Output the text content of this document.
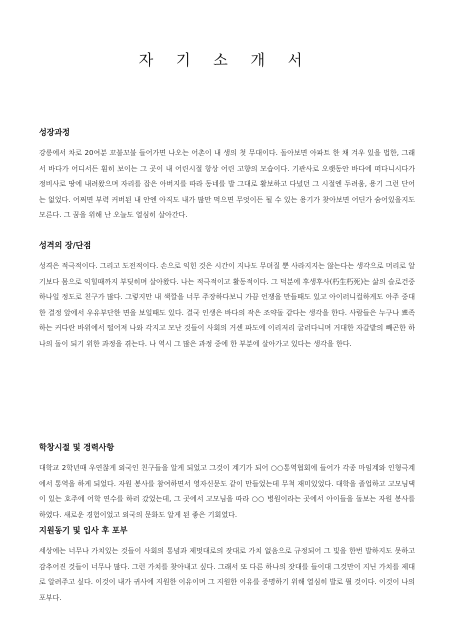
자 기 소 개 서

성장과정

강릉에서 차로 20여분 꼬불꼬불 들어가면 나오는 어촌이 내 생의 첫 무대이다. 돌아보면 아파트 한 채 겨우 있을 법한, 그래서 바다가 어디서든 훤히 보이는 그 곳이 내 어린시절 항상 어린 고향의 모습이다. 기관사로 오랫동안 바다에 떠다니시다가 정비사로 땅에 내려왔으며 자리를 잡은 아버지를 따라 동네를 발 그대로 활보하고 다녔던 그 시절엔 두려움, 용기 그런 단어는 없었다. 어쩌면 부력 커버된 내 안엔 아직도 내가 많만 먹으면 무엇이든 될 수 있는 용기가 찾아보면 어딘가 숨어있을지도 모른다. 그 꿈을 위해 난 오늘도 열심히 살아간다.

성격의 장/단점

성격은 적극적이다. 그리고 도전적이다. 손으로 익힌 것은 시간이 지나도 무뎌질 뿐 사라지지는 않는다는 생각으로 머리로 알기보다 몸으로 익힐때까지 부딪히며 살아왔다. 나는 적극적이고 활동적이다. 그 덕분에 후생후사(朽生朽死)는 삶의 슬로건중 하나일 정도로 친구가 많다. 그렇지만 내 색깔을 너무 주장하다보니 가끔 언쟁을 만들때도 있고 아이러니컬하게도 아주 중대한 결정 앞에서 우유부단한 면을 보일때도 있다. 결국 인생은 바다의 작은 조약돌 같다는 생각을 한다. 사람들은 누구나 뾰족하는 커다란 바위에서 떨어져 나와 각지고 모난 것들이 사회의 거센 파도에 이리저리 굴러다니며 거대한 자갈밭의 빼곤한 하나의 돌이 되기 위한 과정을 겪는다. 나 역시 그 많은 과정 중에 한 부분에 살아가고 있다는 생각을 한다.

학창시절 및 경력사항

대학교 2학년때 우연찮게 외국인 친구들을 알게 되었고 그것이 계기가 되어 ○○통역협회에 들어가 각종 마임계와 인형극계에서 통역을 하게 되었다. 자원 봉사를 참여하면서 영자신문도 같이 만들었는데 무척 재미있었다. 대학을 졸업하고 고모님댁이 있는 호주에 어학 연수를 하러 갔었는데, 그 곳에서 고모님을 따라 ○○ 병원이라는 곳에서 아이들을 돌보는 자원 봉사를 하였다. 새로운 경험이었고 외국의 문화도 알게 된 좋은 기회였다.

지원동기 및 입사 후 포부

세상에는 너무나 가치있는 것들이 사회의 통념과 제멋대로의 잣대로 가치 없음으로 규정되어 그 빛을 한번 발하지도 못하고 감추어진 것들이 너무나 많다. 그런 가치를 찾아내고 싶다. 그래서 또 다른 하나의 잣대를 들이대 그것만이 지닌 가치를 제대로 알려주고 싶다. 이것이 내가 귀사에 지원한 이유이며 그 지원한 이유를 증명하기 위해 열심히 발로 뛸 것이다. 이것이 나의 포부다.
